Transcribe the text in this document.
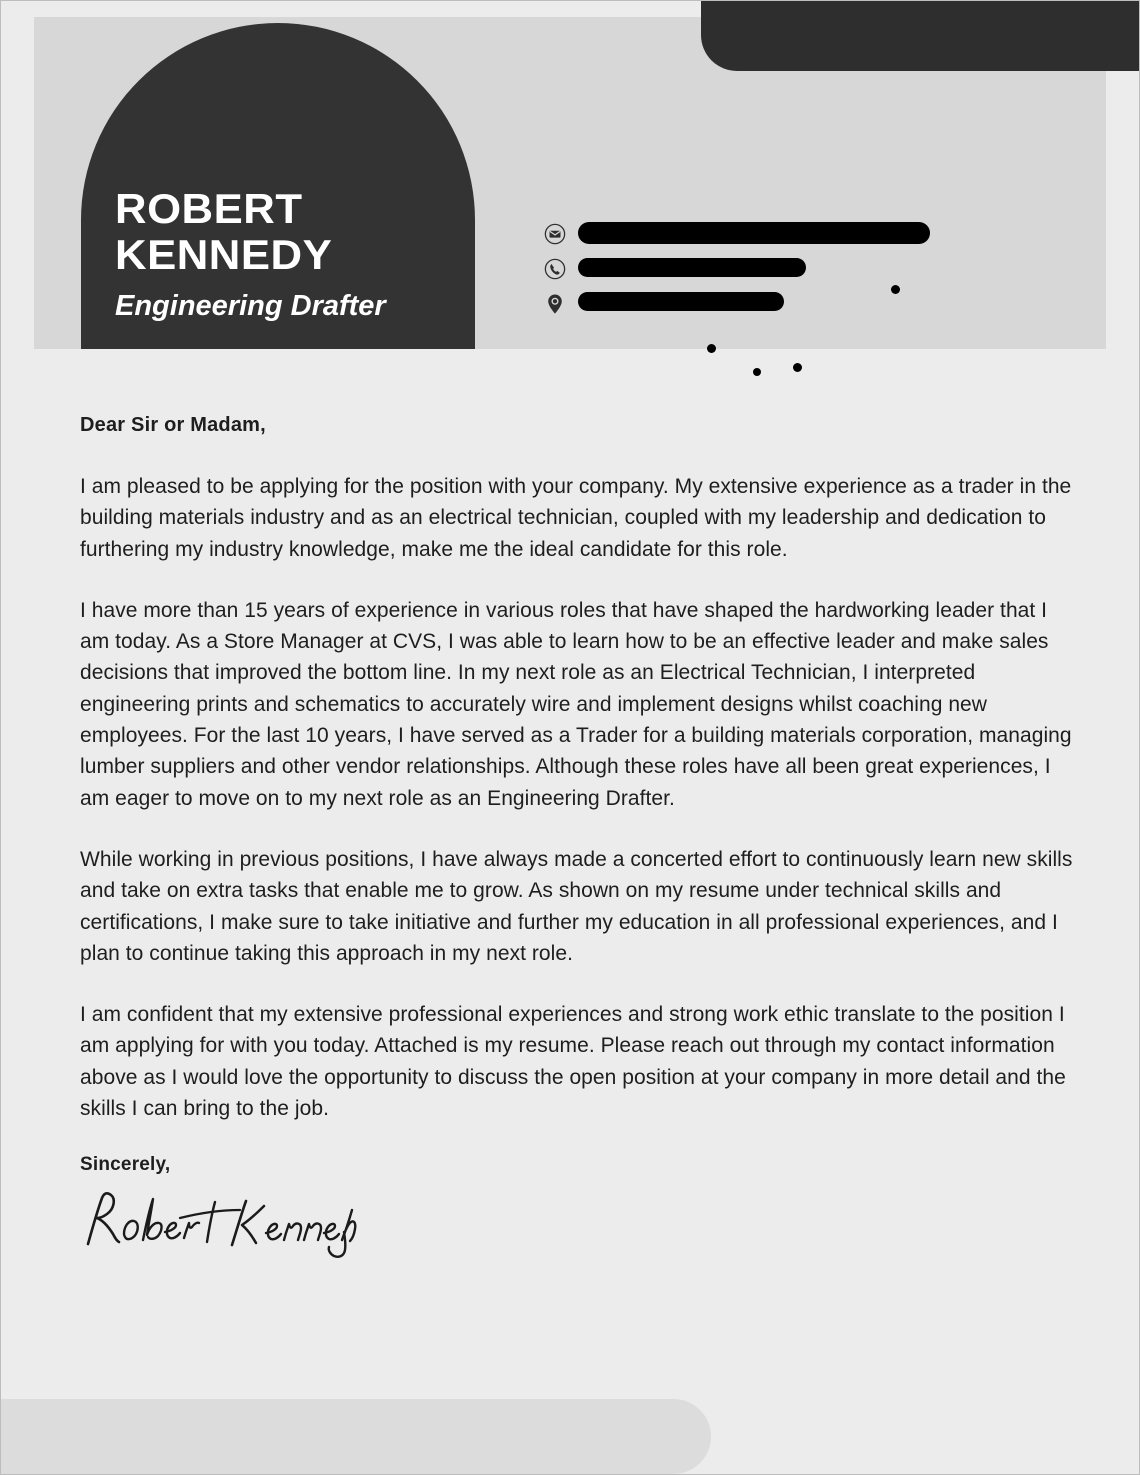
ROBERT
KENNEDY
Engineering Drafter

Dear Sir or Madam,

I am pleased to be applying for the position with your company. My extensive experience as a trader in the building materials industry and as an electrical technician, coupled with my leadership and dedication to furthering my industry knowledge, make me the ideal candidate for this role.

I have more than 15 years of experience in various roles that have shaped the hardworking leader that I am today. As a Store Manager at CVS, I was able to learn how to be an effective leader and make sales decisions that improved the bottom line. In my next role as an Electrical Technician, I interpreted engineering prints and schematics to accurately wire and implement designs whilst coaching new employees. For the last 10 years, I have served as a Trader for a building materials corporation, managing lumber suppliers and other vendor relationships. Although these roles have all been great experiences, I am eager to move on to my next role as an Engineering Drafter.

While working in previous positions, I have always made a concerted effort to continuously learn new skills and take on extra tasks that enable me to grow. As shown on my resume under technical skills and certifications, I make sure to take initiative and further my education in all professional experiences, and I plan to continue taking this approach in my next role.

I am confident that my extensive professional experiences and strong work ethic translate to the position I am applying for with you today. Attached is my resume. Please reach out through my contact information above as I would love the opportunity to discuss the open position at your company in more detail and the skills I can bring to the job.

Sincerely,
